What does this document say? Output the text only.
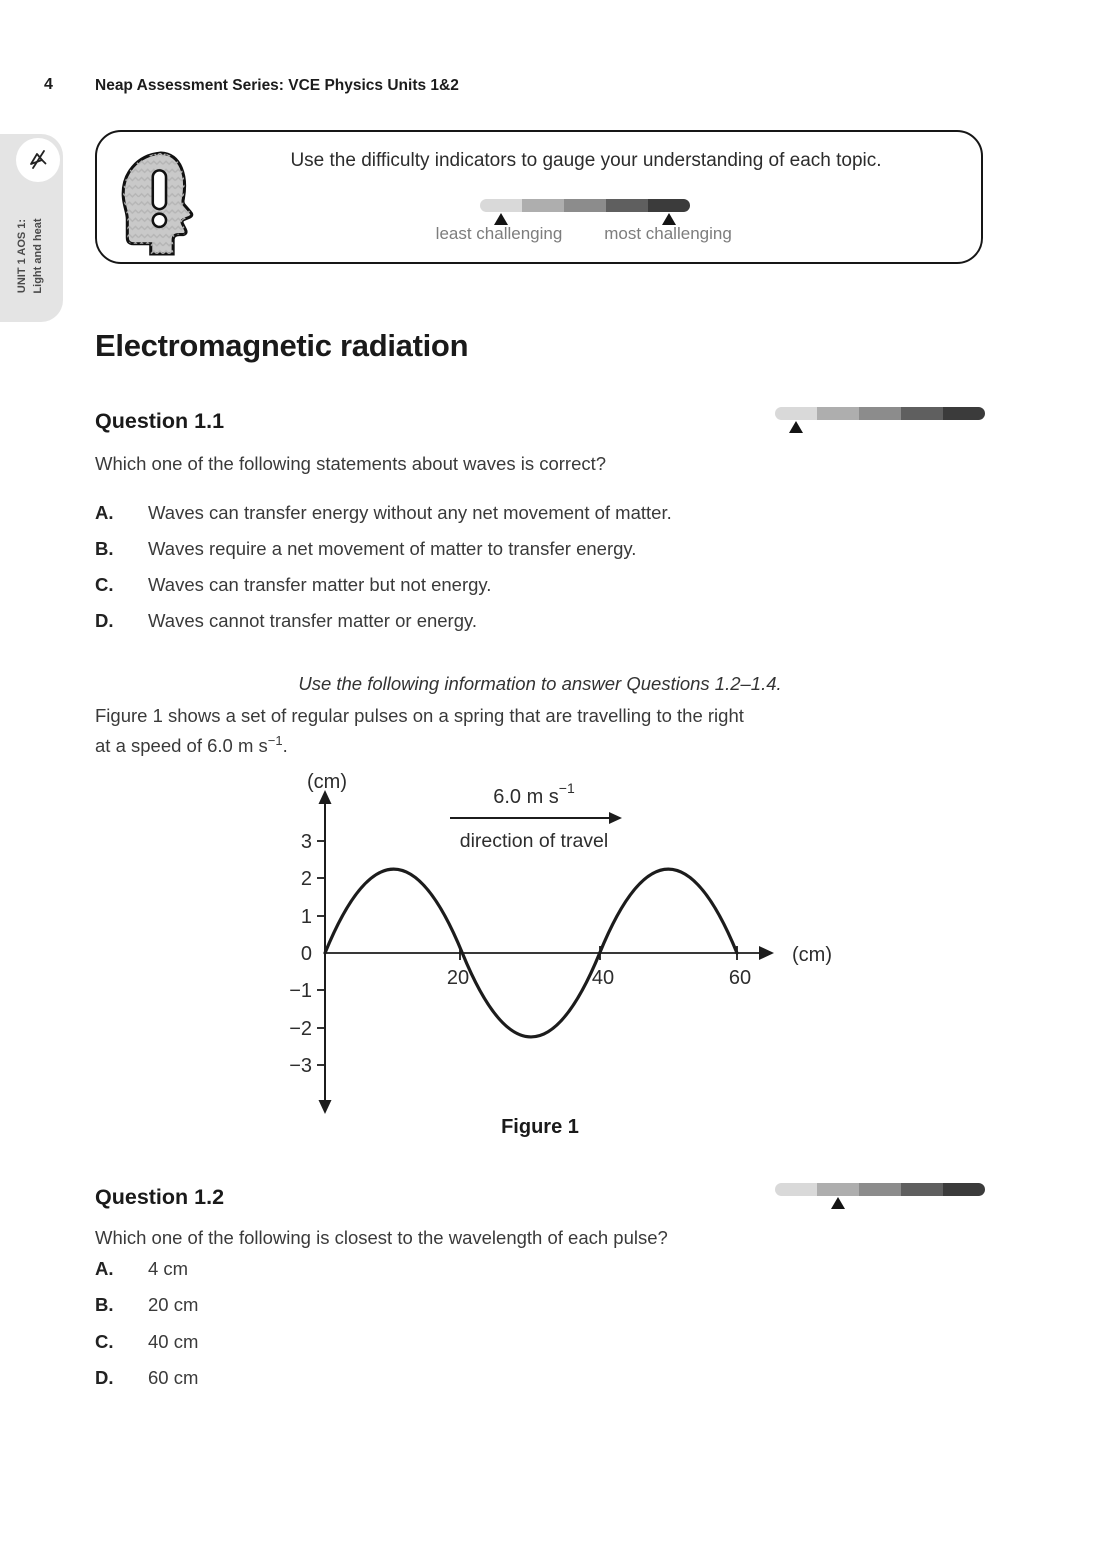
4	Neap Assessment Series: VCE Physics Units 1&2
UNIT 1 AOS 1: Light and heat
Use the difficulty indicators to gauge your understanding of each topic.
least challenging most challenging
Electromagnetic radiation
Question 1.1
Which one of the following statements about waves is correct?
A. Waves can transfer energy without any net movement of matter.
B. Waves require a net movement of matter to transfer energy.
C. Waves can transfer matter but not energy.
D. Waves cannot transfer matter or energy.
Use the following information to answer Questions 1.2–1.4.
Figure 1 shows a set of regular pulses on a spring that are travelling to the right
at a speed of 6.0 m $s^{-1}$.
3
2
1
0
−1
−2
−3
20	40	60
(cm)
(cm)
6.0 m $s^{-1}$
direction of travel
Figure 1
Question 1.2
Which one of the following is closest to the wavelength of each pulse?
A. 4 cm
B. 20 cm
C. 40 cm
D. 60 cm
